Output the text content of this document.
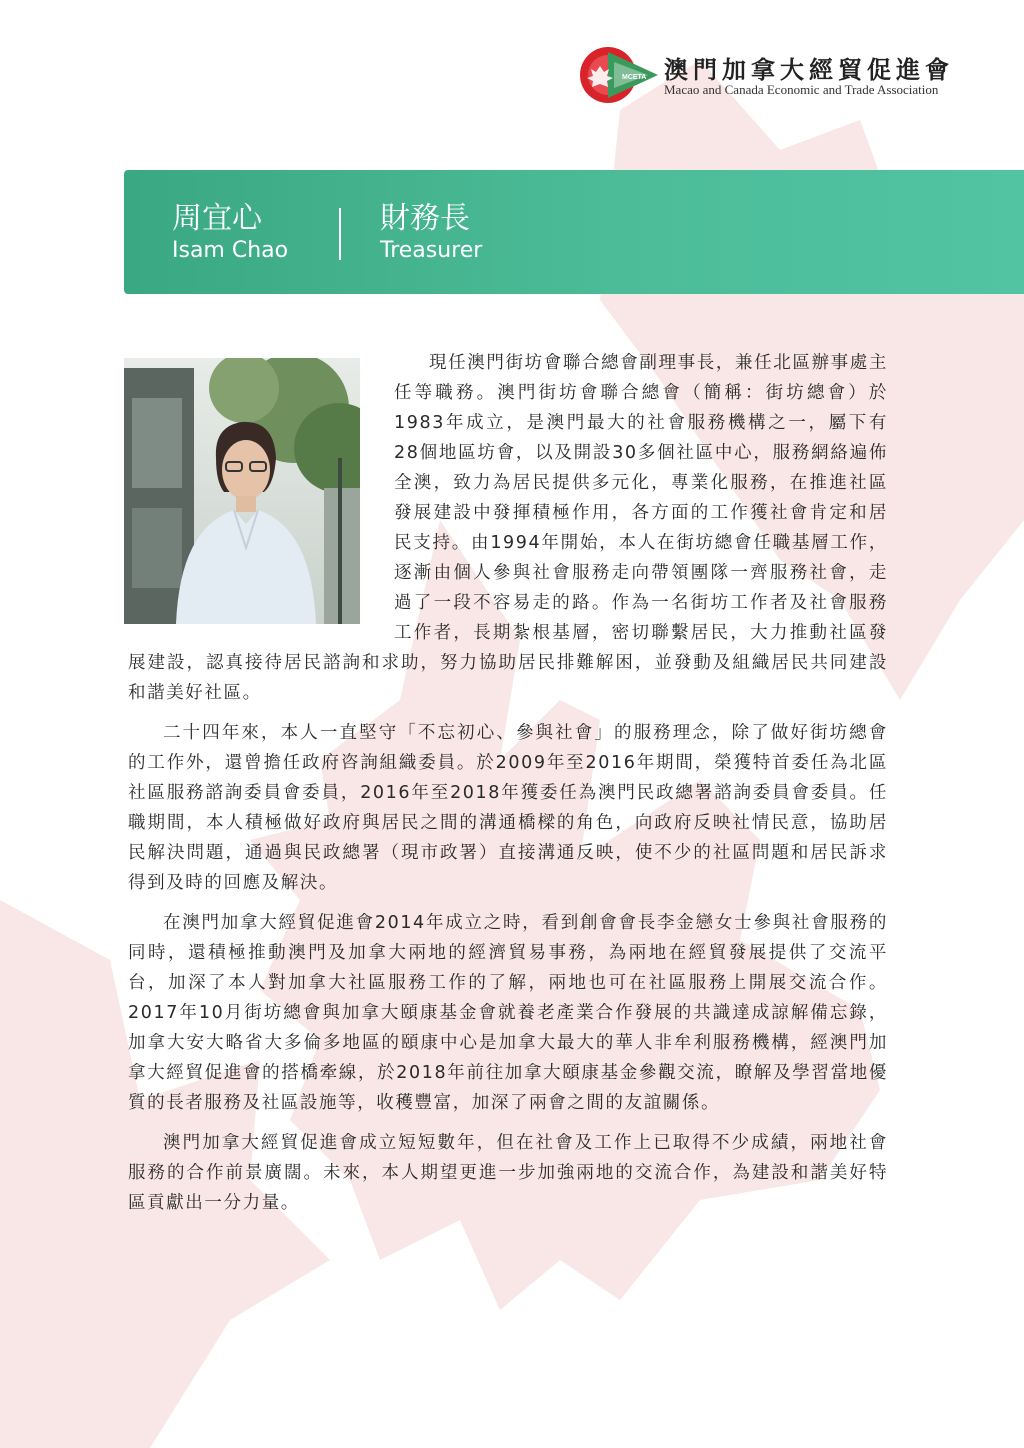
MCETA 澳門加拿大經貿促進會
Macao and Canada Economic and Trade Association
周宜心
Isam Chao
財務長
Treasurer

現任澳門街坊會聯合總會副理事長，兼任北區辦事處主任等職務。澳門街坊會聯合總會（簡稱：街坊總會）於1983年成立，是澳門最大的社會服務機構之一，屬下有28個地區坊會，以及開設30多個社區中心，服務網絡遍佈全澳，致力為居民提供多元化，專業化服務，在推進社區發展建設中發揮積極作用，各方面的工作獲社會肯定和居民支持。由1994年開始，本人在街坊總會任職基層工作，逐漸由個人參與社會服務走向帶領團隊一齊服務社會，走過了一段不容易走的路。作為一名街坊工作者及社會服務工作者，長期紮根基層，密切聯繫居民，大力推動社區發展建設，認真接待居民諮詢和求助，努力協助居民排難解困，並發動及組織居民共同建設和諧美好社區。

二十四年來，本人一直堅守「不忘初心、參與社會」的服務理念，除了做好街坊總會的工作外，還曾擔任政府咨詢組織委員。於2009年至2016年期間，榮獲特首委任為北區社區服務諮詢委員會委員，2016年至2018年獲委任為澳門民政總署諮詢委員會委員。任職期間，本人積極做好政府與居民之間的溝通橋樑的角色，向政府反映社情民意，協助居民解決問題，通過與民政總署（現市政署）直接溝通反映，使不少的社區問題和居民訴求得到及時的回應及解決。

在澳門加拿大經貿促進會2014年成立之時，看到創會會長李金戀女士參與社會服務的同時，還積極推動澳門及加拿大兩地的經濟貿易事務，為兩地在經貿發展提供了交流平台，加深了本人對加拿大社區服務工作的了解，兩地也可在社區服務上開展交流合作。 2017年10月街坊總會與加拿大頤康基金會就養老產業合作發展的共識達成諒解備忘錄，加拿大安大略省大多倫多地區的頤康中心是加拿大最大的華人非牟利服務機構，經澳門加拿大經貿促進會的搭橋牽線，於2018年前往加拿大頤康基金參觀交流，瞭解及學習當地優質的長者服務及社區設施等，收穫豐富，加深了兩會之間的友誼關係。

澳門加拿大經貿促進會成立短短數年，但在社會及工作上已取得不少成績，兩地社會服務的合作前景廣闊。未來，本人期望更進一步加強兩地的交流合作，為建設和諧美好特區貢獻出一分力量。
